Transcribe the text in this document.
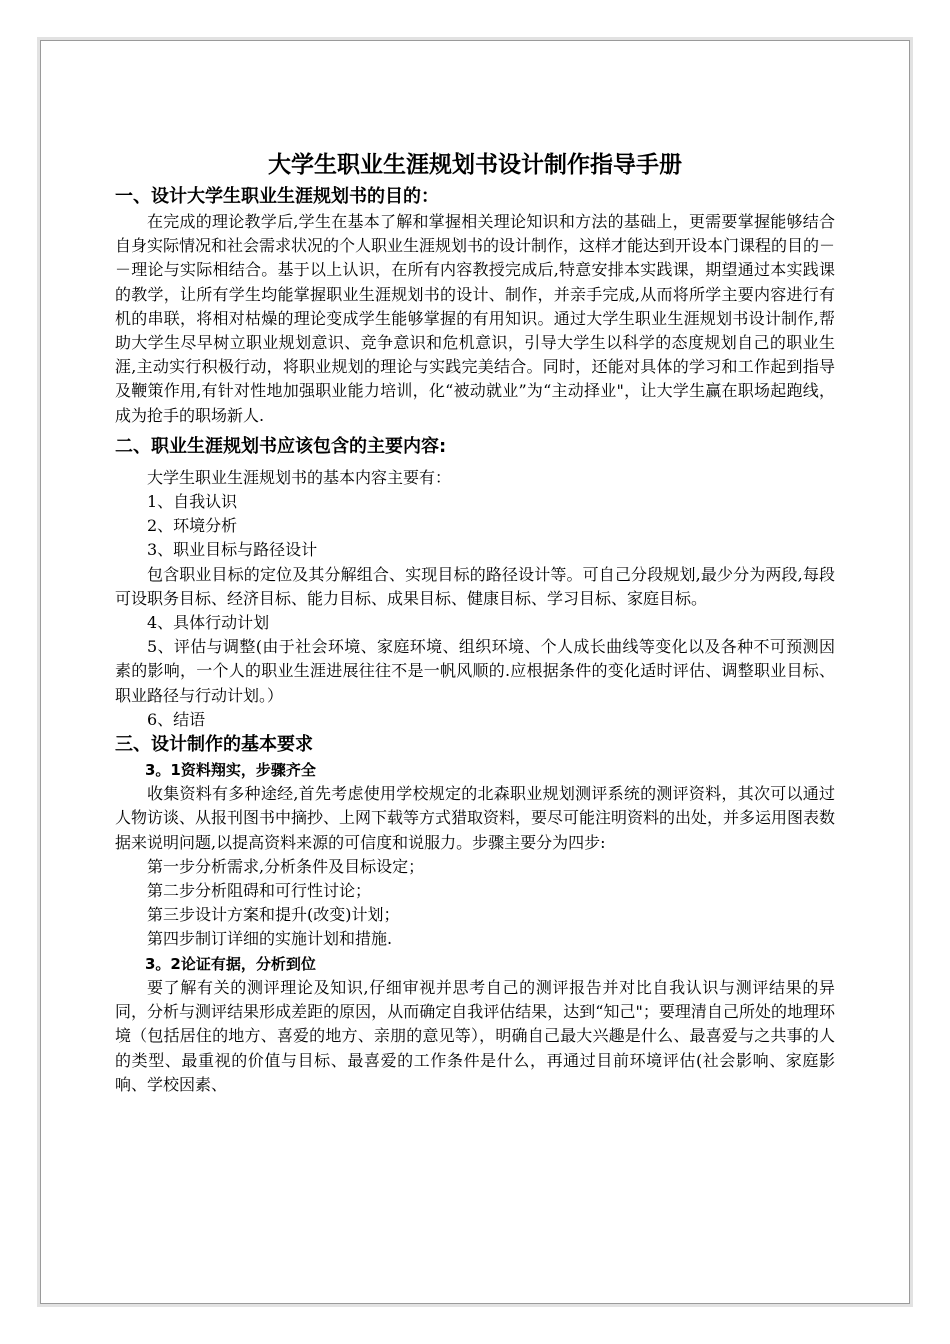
大学生职业生涯规划书设计制作指导手册
一、设计大学生职业生涯规划书的目的：

在完成的理论教学后,学生在基本了解和掌握相关理论知识和方法的基础上，更需要掌握能够结合自身实际情况和社会需求状况的个人职业生涯规划书的设计制作，这样才能达到开设本门课程的目的－－理论与实际相结合。基于以上认识，在所有内容教授完成后,特意安排本实践课，期望通过本实践课的教学，让所有学生均能掌握职业生涯规划书的设计、制作，并亲手完成,从而将所学主要内容进行有机的串联，将相对枯燥的理论变成学生能够掌握的有用知识。通过大学生职业生涯规划书设计制作,帮助大学生尽早树立职业规划意识、竞争意识和危机意识，引导大学生以科学的态度规划自己的职业生涯,主动实行积极行动，将职业规划的理论与实践完美结合。同时，还能对具体的学习和工作起到指导及鞭策作用,有针对性地加强职业能力培训，化“被动就业”为“主动择业"，让大学生赢在职场起跑线，成为抢手的职场新人.

二、职业生涯规划书应该包含的主要内容:

大学生职业生涯规划书的基本内容主要有：

1、自我认识

2、环境分析

3、职业目标与路径设计

包含职业目标的定位及其分解组合、实现目标的路径设计等。可自己分段规划,最少分为两段,每段可设职务目标、经济目标、能力目标、成果目标、健康目标、学习目标、家庭目标。

4、具体行动计划

5、评估与调整(由于社会环境、家庭环境、组织环境、个人成长曲线等变化以及各种不可预测因素的影响，一个人的职业生涯进展往往不是一帆风顺的.应根据条件的变化适时评估、调整职业目标、职业路径与行动计划。）

6、结语

三、设计制作的基本要求
3。1资料翔实，步骤齐全

收集资料有多种途经,首先考虑使用学校规定的北森职业规划测评系统的测评资料，其次可以通过人物访谈、从报刊图书中摘抄、上网下载等方式猎取资料，要尽可能注明资料的出处，并多运用图表数据来说明问题,以提高资料来源的可信度和说服力。步骤主要分为四步:

第一步分析需求,分析条件及目标设定；

第二步分析阻碍和可行性讨论；

第三步设计方案和提升(改变)计划；

第四步制订详细的实施计划和措施.

3。2论证有据，分析到位

要了解有关的测评理论及知识,仔细审视并思考自己的测评报告并对比自我认识与测评结果的异同，分析与测评结果形成差距的原因，从而确定自我评估结果，达到“知己"；要理清自己所处的地理环境（包括居住的地方、喜爱的地方、亲朋的意见等），明确自己最大兴趣是什么、最喜爱与之共事的人的类型、最重视的价值与目标、最喜爱的工作条件是什么，再通过目前环境评估(社会影响、家庭影响、学校因素、
